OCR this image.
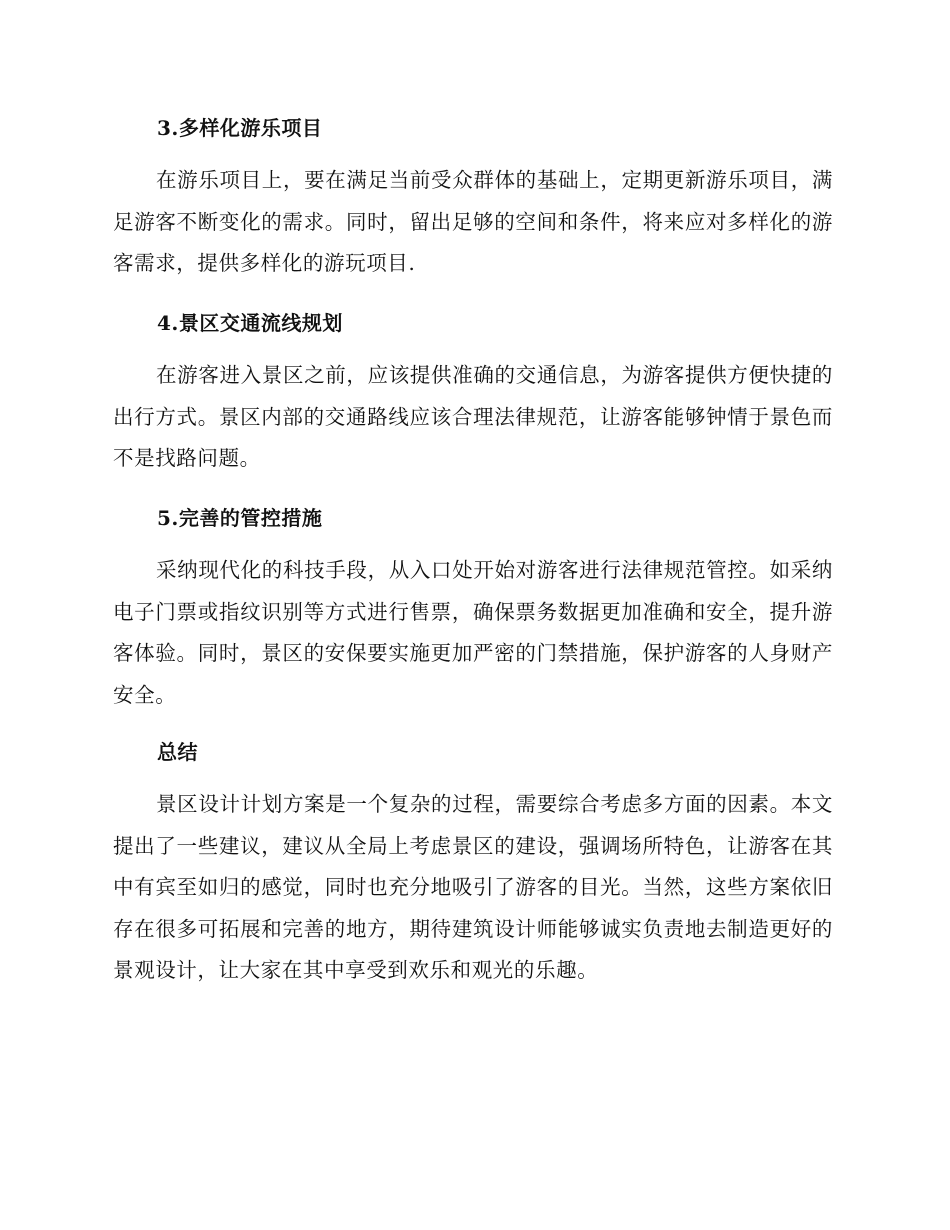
3.多样化游乐项目
在游乐项目上，要在满足当前受众群体的基础上，定期更新游乐项目，满足游客不断变化的需求。同时，留出足够的空间和条件，将来应对多样化的游客需求，提供多样化的游玩项目.
4.景区交通流线规划
在游客进入景区之前，应该提供准确的交通信息，为游客提供方便快捷的出行方式。景区内部的交通路线应该合理法律规范，让游客能够钟情于景色而不是找路问题。
5.完善的管控措施
采纳现代化的科技手段，从入口处开始对游客进行法律规范管控。如采纳电子门票或指纹识别等方式进行售票，确保票务数据更加准确和安全，提升游客体验。同时，景区的安保要实施更加严密的门禁措施，保护游客的人身财产安全。
总结
景区设计计划方案是一个复杂的过程，需要综合考虑多方面的因素。本文提出了一些建议，建议从全局上考虑景区的建设，强调场所特色，让游客在其中有宾至如归的感觉，同时也充分地吸引了游客的目光。当然，这些方案依旧存在很多可拓展和完善的地方，期待建筑设计师能够诚实负责地去制造更好的景观设计，让大家在其中享受到欢乐和观光的乐趣。
